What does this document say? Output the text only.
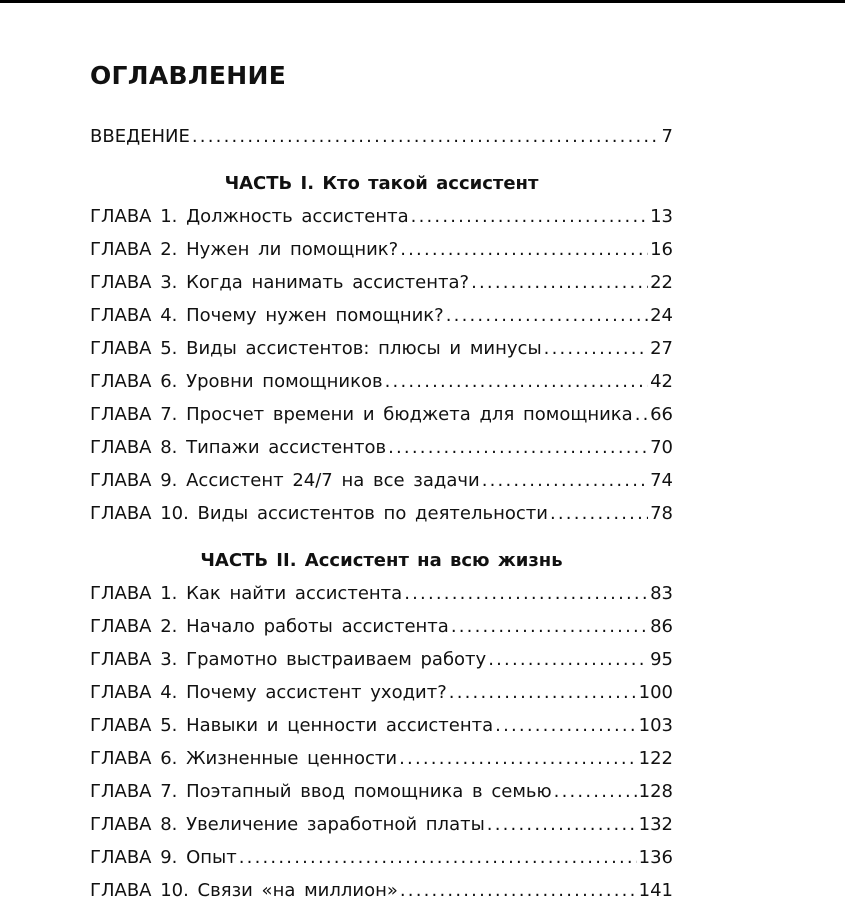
ОГЛАВЛЕНИЕ
ВВЕДЕНИЕ .....	7
ЧАСТЬ I. Кто такой ассистент
ГЛАВА 1. Должность ассистента .....	13
ГЛАВА 2. Нужен ли помощник? .....	16
ГЛАВА 3. Когда нанимать ассистента? .....	22
ГЛАВА 4. Почему нужен помощник? .....	24
ГЛАВА 5. Виды ассистентов: плюсы и минусы .....	27
ГЛАВА 6. Уровни помощников .....	42
ГЛАВА 7. Просчет времени и бюджета для помощника ..... 66
ГЛАВА 8. Типажи ассистентов .....	70
ГЛАВА 9. Ассистент 24/7 на все задачи .....	74
ГЛАВА 10. Виды ассистентов по деятельности .....	78
ЧАСТЬ II. Ассистент на всю жизнь
ГЛАВА 1. Как найти ассистента .....	83
ГЛАВА 2. Начало работы ассистента .....	86
ГЛАВА 3. Грамотно выстраиваем работу .....	95
ГЛАВА 4. Почему ассистент уходит? .....	100
ГЛАВА 5. Навыки и ценности ассистента .....	103
ГЛАВА 6. Жизненные ценности .....	122
ГЛАВА 7. Поэтапный ввод помощника в семью .....	128
ГЛАВА 8. Увеличение заработной платы .....	132
ГЛАВА 9. Опыт .....	136
ГЛАВА 10. Связи «на миллион» .....	141
